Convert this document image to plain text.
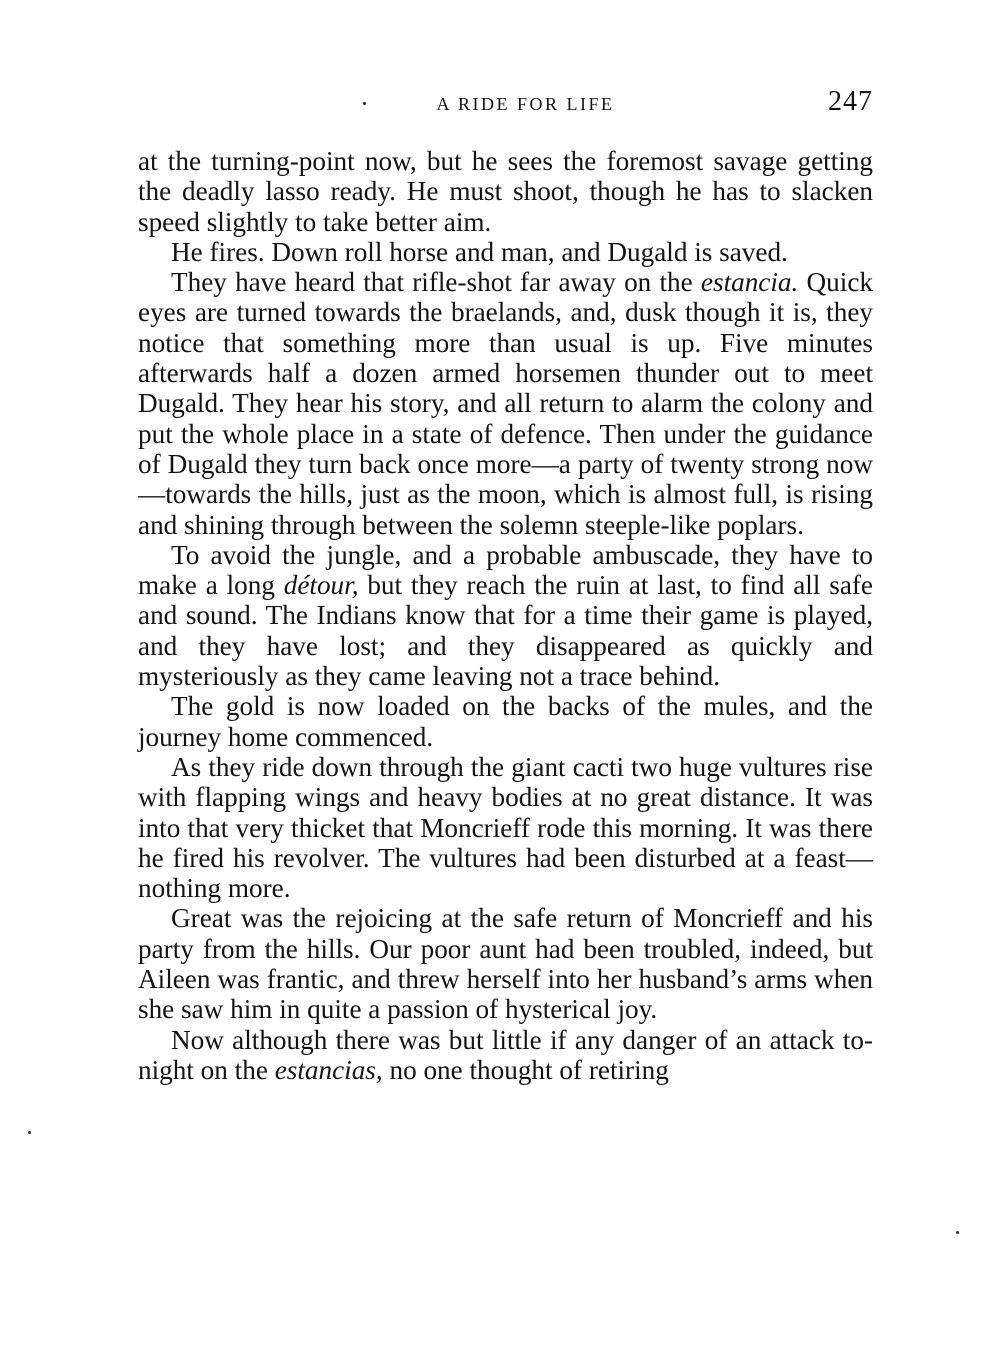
A RIDE FOR LIFE	247

at the turning-point now, but he sees the foremost savage getting the deadly lasso ready. He must shoot, though he has to slacken speed slightly to take better aim.

He fires. Down roll horse and man, and Dugald is saved.

They have heard that rifle-shot far away on the estancia. Quick eyes are turned towards the braelands, and, dusk though it is, they notice that something more than usual is up. Five minutes afterwards half a dozen armed horsemen thunder out to meet Dugald. They hear his story, and all return to alarm the colony and put the whole place in a state of defence. Then under the guidance of Dugald they turn back once more—a party of twenty strong now—towards the hills, just as the moon, which is almost full, is rising and shining through between the solemn steeple-like poplars.

To avoid the jungle, and a probable ambuscade, they have to make a long détour, but they reach the ruin at last, to find all safe and sound. The Indians know that for a time their game is played, and they have lost; and they disappeared as quickly and mysteriously as they came leaving not a trace behind.

The gold is now loaded on the backs of the mules, and the journey home commenced.

As they ride down through the giant cacti two huge vultures rise with flapping wings and heavy bodies at no great distance. It was into that very thicket that Moncrieff rode this morning. It was there he fired his revolver. The vultures had been disturbed at a feast—nothing more.

Great was the rejoicing at the safe return of Moncrieff and his party from the hills. Our poor aunt had been troubled, indeed, but Aileen was frantic, and threw herself into her husband’s arms when she saw him in quite a passion of hysterical joy.

Now although there was but little if any danger of an attack to-night on the estancias, no one thought of retiring
